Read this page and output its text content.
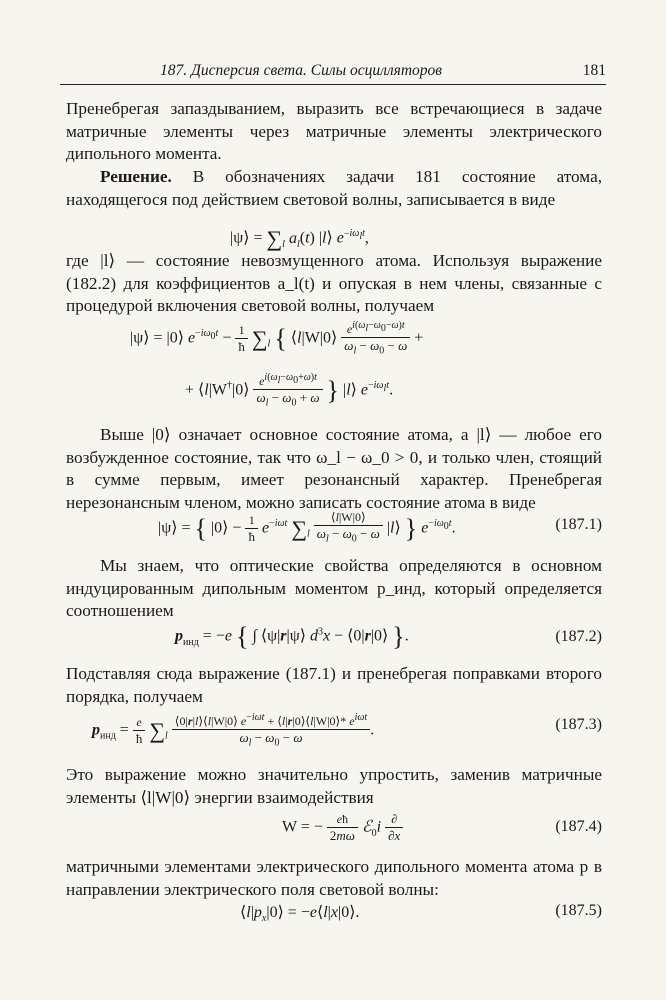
187. Дисперсия света. Силы осцилляторов	181
Пренебрегая запаздыванием, выразить все встречающиеся в задаче матричные элементы через матричные элементы электрического дипольного момента.
Решение. В обозначениях задачи 181 состояние атома, находящегося под действием световой волны, записывается в виде
|ψ⟩ = $\sum_l$ $a_l(t)$ |l⟩ $e^{-i\omega_lt}$,
где |l⟩ — состояние невозмущенного атома. Используя выражение (182.2) для коэффициентов a_l(t) и опуская в нем члены, связанные с процедурой включения световой волны, получаем
|ψ⟩ = |0⟩ $e^{-i\omega_0t} - \frac{1}{ħ} \sum_l$ { ⟨l|W|0⟩ $\frac{e^{i(\omega_l-\omega_0-\omega)t}}{\omega_l - \omega_0 - \omega}$ +
+ ⟨l|W†|0⟩ $\frac{e^{i(\omega_l-\omega_0+\omega)t}}{\omega_l - \omega_0 + \omega}$ } |l⟩ $e^{-i\omega_lt}$.
Выше |0⟩ означает основное состояние атома, а |l⟩ — любое его возбужденное состояние, так что ω_l − ω_0 > 0, и только член, стоящий в сумме первым, имеет резонансный характер. Пренебрегая нерезонансным членом, можно записать состояние атома в виде
|ψ⟩ = { |0⟩ − $\frac{1}{ħ} e^{-i\omega t}$ $\sum_l \frac{⟨l|W|0⟩}{\omega_l - \omega_0 - \omega}$ |l⟩ } $e^{-i\omega_0t}$.	(187.1)
Мы знаем, что оптические свойства определяются в основном индуцированным дипольным моментом p_инд, который определяется соотношением
$p_{инд} = -e$ { ∫ ⟨ψ|r|ψ⟩ $d^3x$ − ⟨0|r|0⟩ }.	(187.2)
Подставляя сюда выражение (187.1) и пренебрегая поправками второго порядка, получаем
$p_{инд} = \frac{e}{ħ} \sum_l \frac{⟨0|r|l⟩⟨l|W|0⟩ e^{-i\omega t} + ⟨l|r|0⟩⟨l|W|0⟩* e^{i\omega t}}{\omega_l - \omega_0 - \omega}$ .	(187.3)
Это выражение можно значительно упростить, заменив матричные элементы ⟨l|W|0⟩ энергии взаимодействия
W = − $\frac{eħ}{2m\omega}$ ℰ$_0$i $\frac{\partial}{\partial x}$	(187.4)
матричными элементами электрического дипольного момента атома p в направлении электрического поля световой волны:
$⟨l|p_x|0⟩$ = −e⟨l|x|0⟩.	(187.5)
